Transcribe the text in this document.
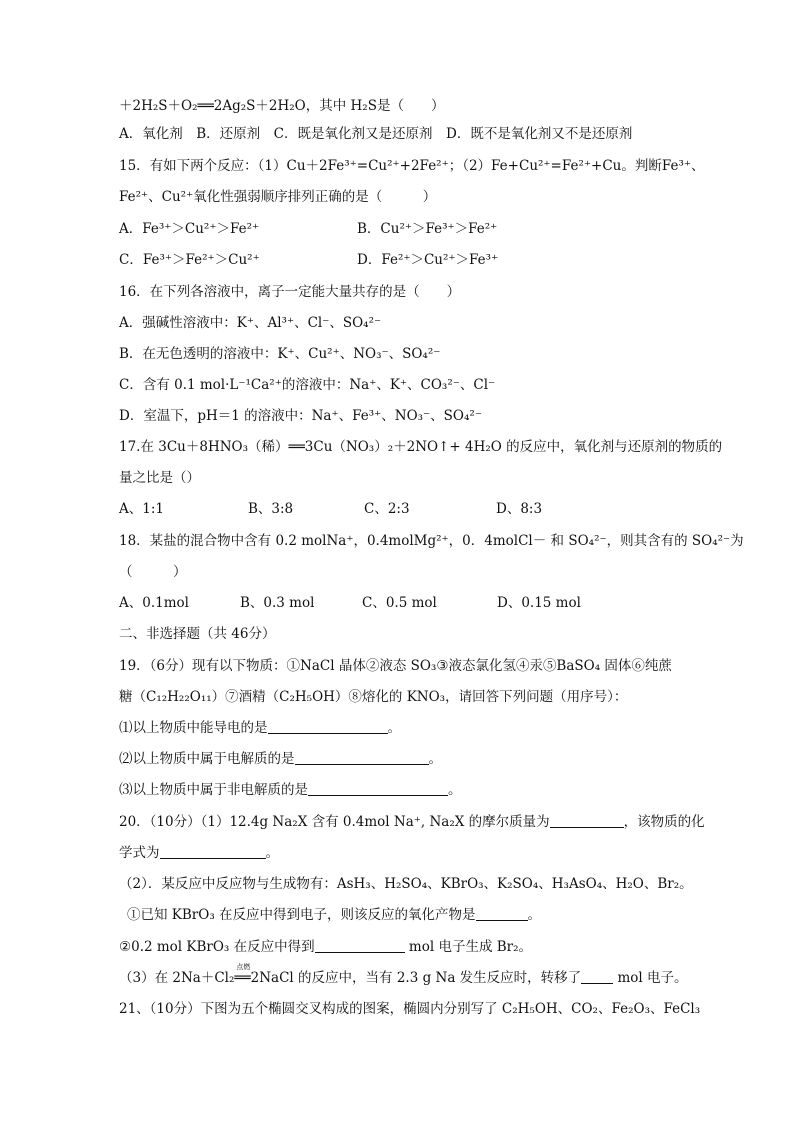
＋2H₂S＋O₂══2Ag₂S＋2H₂O，其中 H₂S是（　　）
A．氧化剂　B．还原剂　C．既是氧化剂又是还原剂　D．既不是氧化剂又不是还原剂
15．有如下两个反应：（1）Cu＋2Fe³⁺=Cu²⁺+2Fe²⁺；（2）Fe+Cu²⁺=Fe²⁺+Cu。判断Fe³⁺、
Fe²⁺、Cu²⁺氧化性强弱顺序排列正确的是（　　　）
A．Fe³⁺＞Cu²⁺＞Fe²⁺	B．Cu²⁺＞Fe³⁺＞Fe²⁺
C．Fe³⁺＞Fe²⁺＞Cu²⁺	D．Fe²⁺＞Cu²⁺＞Fe³⁺
16．在下列各溶液中，离子一定能大量共存的是（　　）
A．强碱性溶液中：K⁺、Al³⁺、Cl⁻、SO₄²⁻
B．在无色透明的溶液中：K⁺、Cu²⁺、NO₃⁻、SO₄²⁻
C．含有 0.1 mol·L⁻¹Ca²⁺的溶液中：Na⁺、K⁺、CO₃²⁻、Cl⁻
D．室温下，pH＝1 的溶液中：Na⁺、Fe³⁺、NO₃⁻、SO₄²⁻
17.在 3Cu＋8HNO₃（稀）══3Cu（NO₃）₂＋2NO↑+ 4H₂O 的反应中，氧化剂与还原剂的物质的
量之比是（）
A、1:1	B、3:8	C、2:3	D、8:3
18．某盐的混合物中含有 0.2 molNa⁺，0.4molMg²⁺，0．4molCl－ 和 SO₄²⁻，则其含有的 SO₄²⁻为
（　　　）
A、0.1mol	B、0.3 mol	C、0.5 mol	D、0.15 mol
二、非选择题（共 46分）
19．（6分）现有以下物质：①NaCl 晶体②液态 SO₃③液态氯化氢④汞⑤BaSO₄ 固体⑥纯蔗
糖（C₁₂H₂₂O₁₁）⑦酒精（C₂H₅OH）⑧熔化的 KNO₃，请回答下列问题（用序号）：
⑴以上物质中能导电的是	。
⑵以上物质中属于电解质的是	。
⑶以上物质中属于非电解质的是	。
20．（10分）（1）12.4g Na₂X 含有 0.4mol Na⁺, Na₂X 的摩尔质量为	，该物质的化
学式为	。
（2）．某反应中反应物与生成物有：AsH₃、H₂SO₄、KBrO₃、K₂SO₄、H₃AsO₄、H₂O、Br₂。
①已知 KBrO₃ 在反应中得到电子，则该反应的氧化产物是	。
②0.2 mol KBrO₃ 在反应中得到	mol 电子生成 Br₂。
（3）在 2Na＋Cl₂
点燃
══2NaCl 的反应中，当有 2.3 g Na 发生反应时，转移了 mol 电子。
21、（10分）下图为五个椭圆交叉构成的图案，椭圆内分别写了 C₂H₅OH、CO₂、Fe₂O₃、FeCl₃
